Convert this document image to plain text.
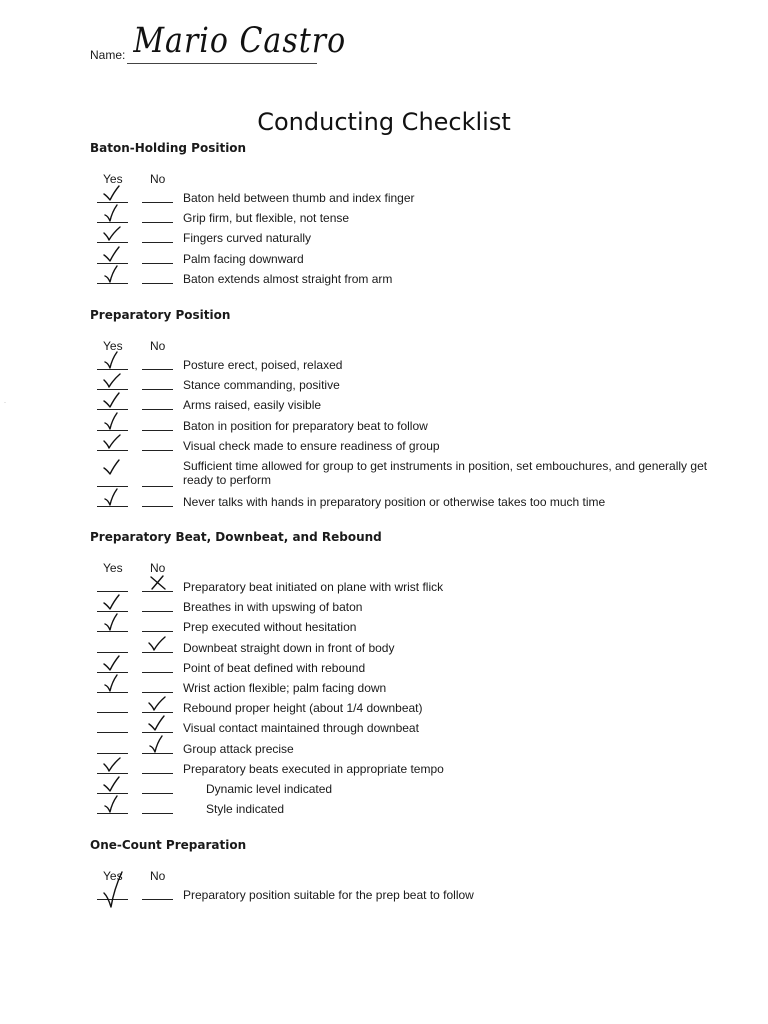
Name: Mario Castro
Conducting Checklist
·
Baton-Holding Position
Yes No
Baton held between thumb and index finger
Grip firm, but flexible, not tense
Fingers curved naturally
Palm facing downward
Baton extends almost straight from arm
Preparatory Position
Yes No
Posture erect, poised, relaxed
Stance commanding, positive
Arms raised, easily visible
Baton in position for preparatory beat to follow
Visual check made to ensure readiness of group
Sufficient time allowed for group to get instruments in position, set embouchures, and generally get ready to perform
Never talks with hands in preparatory position or otherwise takes too much time
Preparatory Beat, Downbeat, and Rebound
Yes No
Preparatory beat initiated on plane with wrist flick
Breathes in with upswing of baton
Prep executed without hesitation
Downbeat straight down in front of body
Point of beat defined with rebound
Wrist action flexible; palm facing down
Rebound proper height (about 1/4 downbeat)
Visual contact maintained through downbeat
Group attack precise
Preparatory beats executed in appropriate tempo
Dynamic level indicated
Style indicated
One-Count Preparation
Yes No
Preparatory position suitable for the prep beat to follow
